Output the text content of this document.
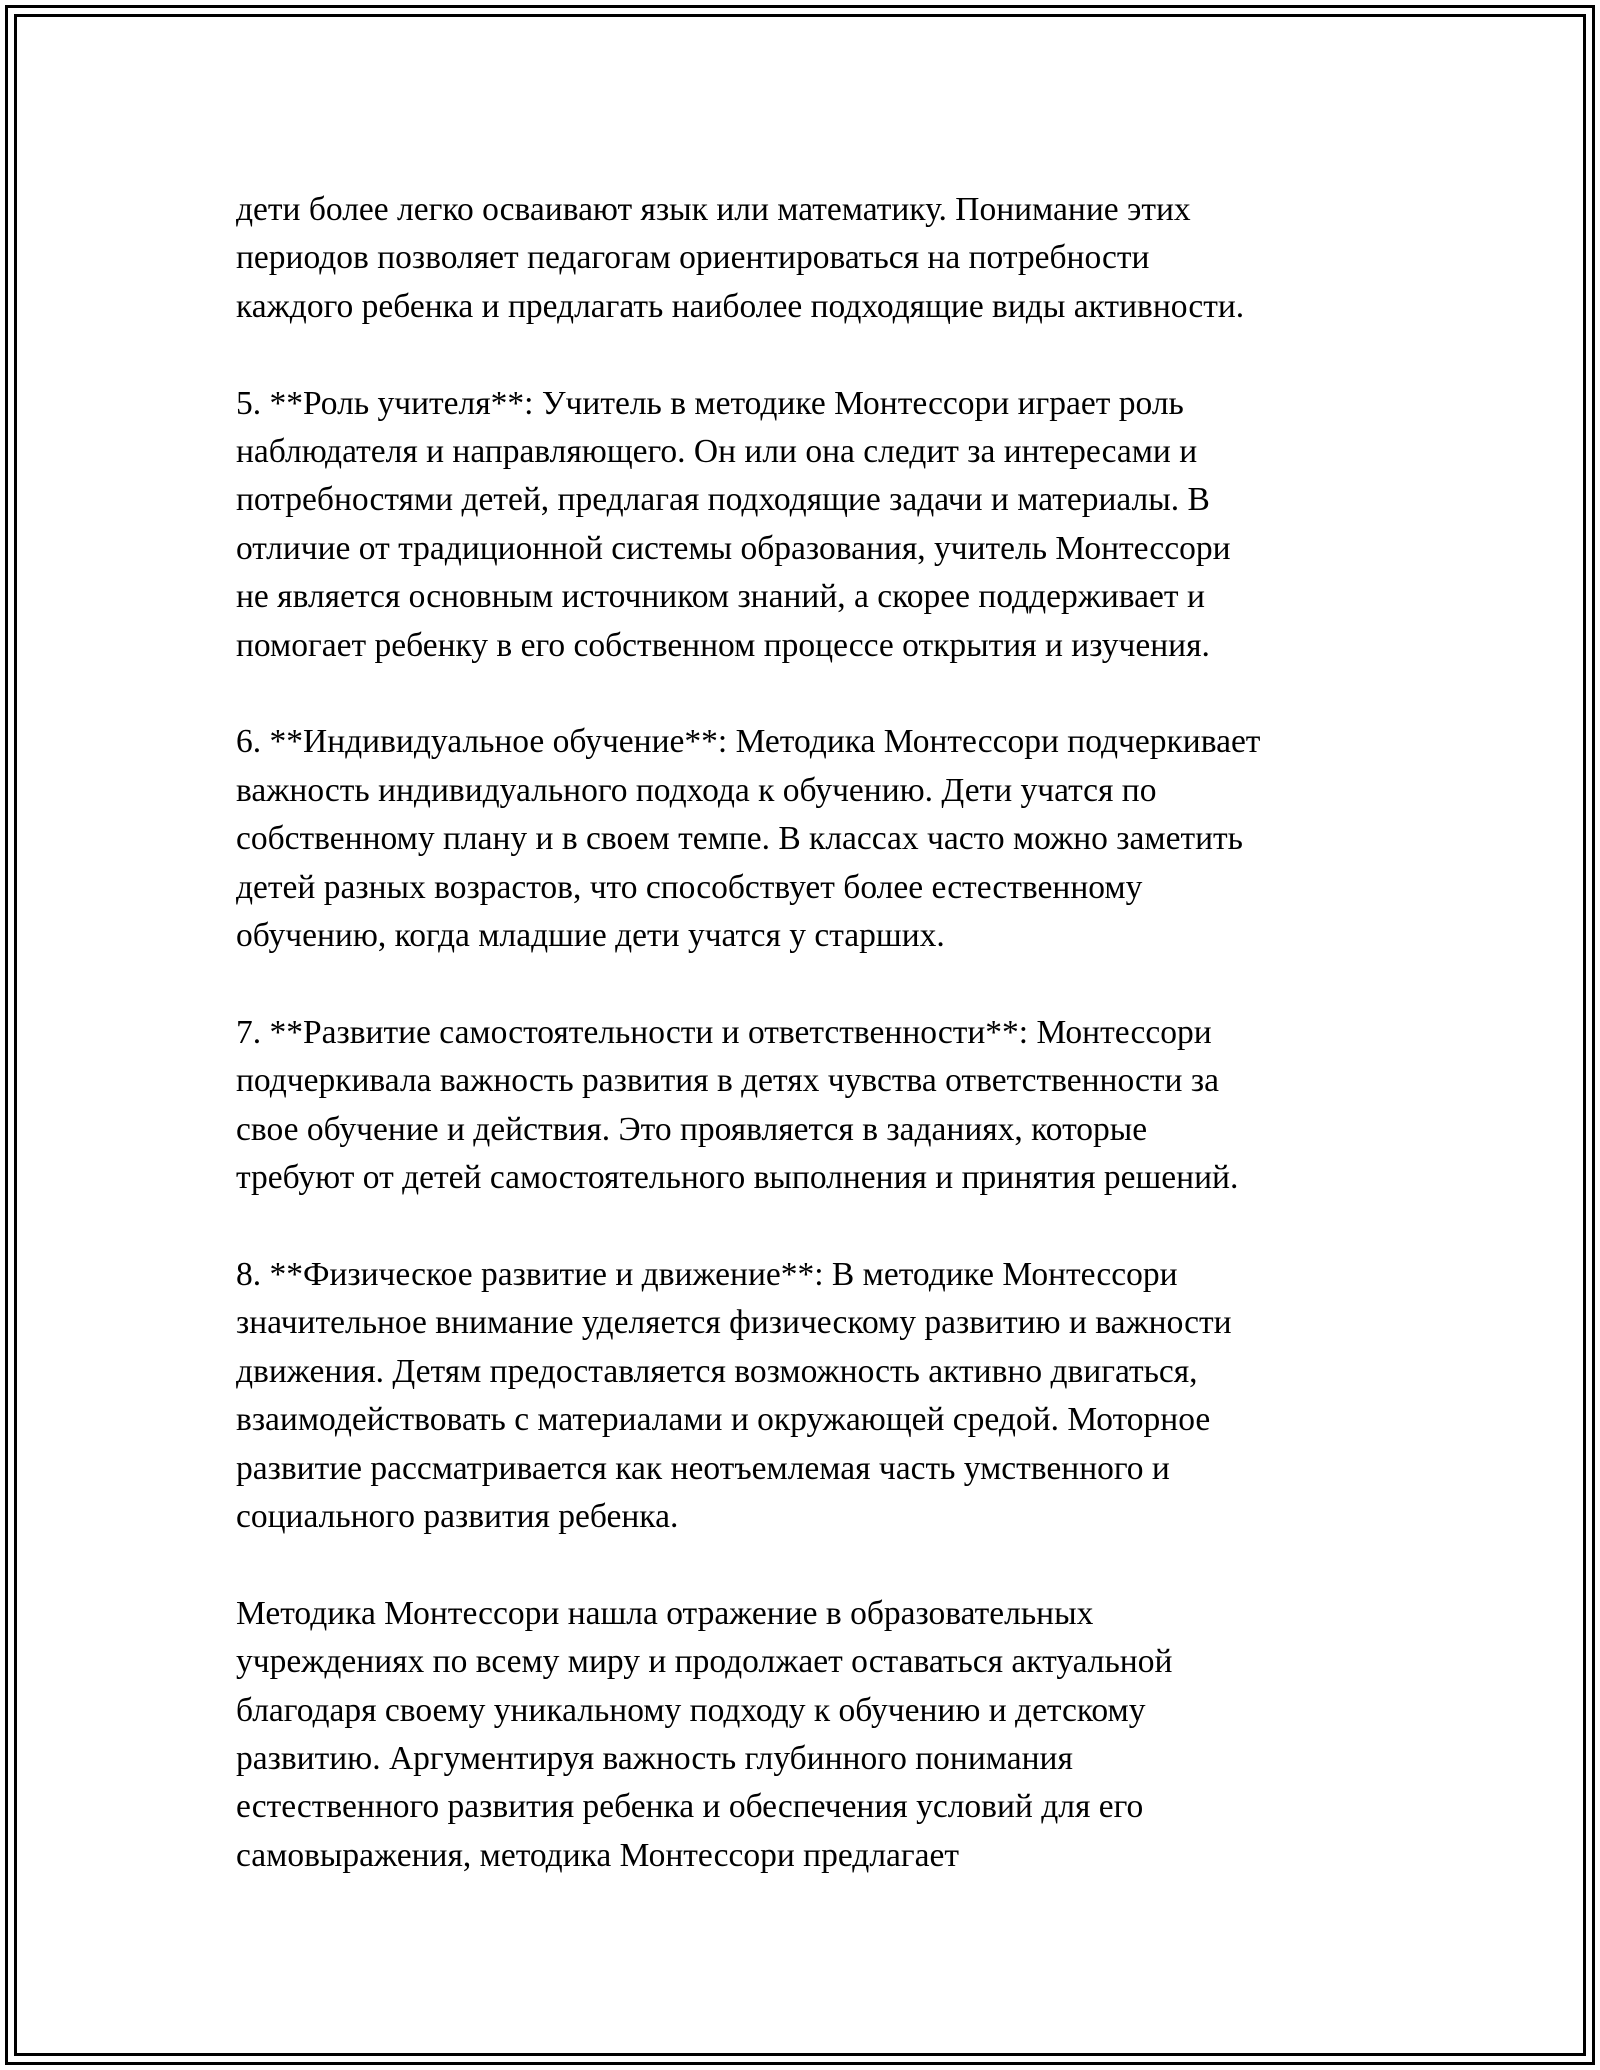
дети более легко осваивают язык или математику. Понимание этих
периодов позволяет педагогам ориентироваться на потребности
каждого ребенка и предлагать наиболее подходящие виды активности.

5. **Роль учителя**: Учитель в методике Монтессори играет роль
наблюдателя и направляющего. Он или она следит за интересами и
потребностями детей, предлагая подходящие задачи и материалы. В
отличие от традиционной системы образования, учитель Монтессори
не является основным источником знаний, а скорее поддерживает и
помогает ребенку в его собственном процессе открытия и изучения.

6. **Индивидуальное обучение**: Методика Монтессори подчеркивает
важность индивидуального подхода к обучению. Дети учатся по
собственному плану и в своем темпе. В классах часто можно заметить
детей разных возрастов, что способствует более естественному
обучению, когда младшие дети учатся у старших.

7. **Развитие самостоятельности и ответственности**: Монтессори
подчеркивала важность развития в детях чувства ответственности за
свое обучение и действия. Это проявляется в заданиях, которые
требуют от детей самостоятельного выполнения и принятия решений.

8. **Физическое развитие и движение**: В методике Монтессори
значительное внимание уделяется физическому развитию и важности
движения. Детям предоставляется возможность активно двигаться,
взаимодействовать с материалами и окружающей средой. Моторное
развитие рассматривается как неотъемлемая часть умственного и
социального развития ребенка.

Методика Монтессори нашла отражение в образовательных
учреждениях по всему миру и продолжает оставаться актуальной
благодаря своему уникальному подходу к обучению и детскому
развитию. Аргументируя важность глубинного понимания
естественного развития ребенка и обеспечения условий для его
самовыражения, методика Монтессори предлагает
